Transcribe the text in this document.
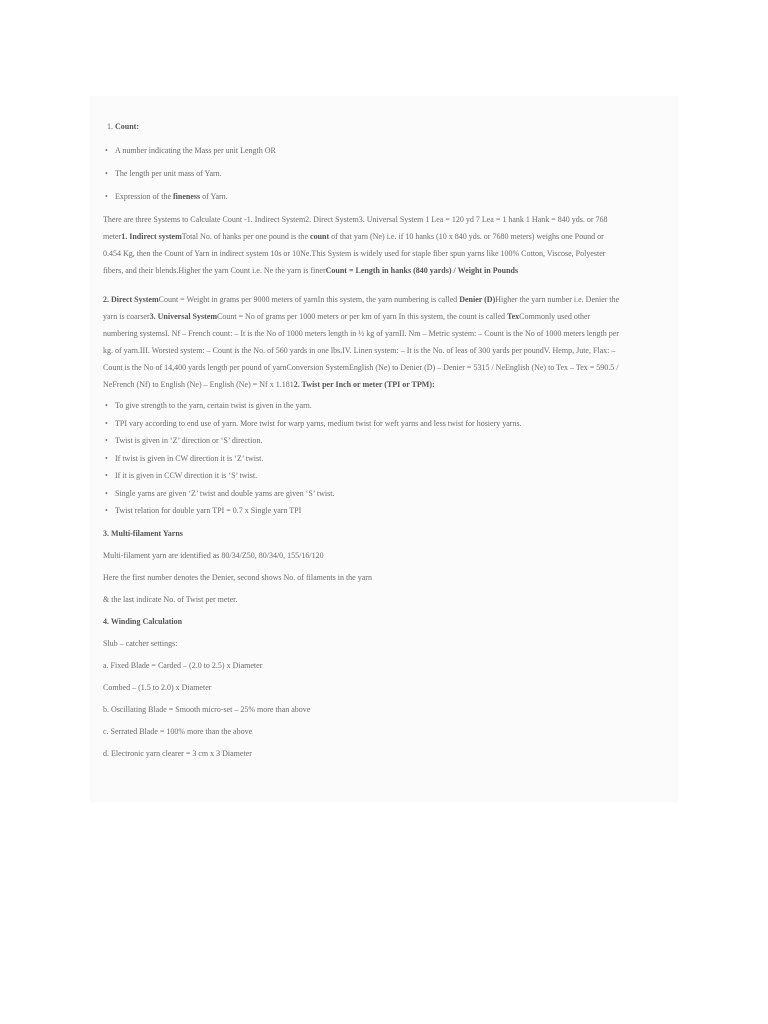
1. Count:
• A number indicating the Mass per unit Length OR
• The length per unit mass of Yarn.
• Expression of the fineness of Yarn.

There are three Systems to Calculate Count -1. Indirect System2. Direct System3. Universal System 1 Lea = 120 yd 7 Lea = 1 hank 1 Hank = 840 yds. or 768 meter1. Indirect systemTotal No. of hanks per one pound is the count of that yarn (Ne) i.e. if 10 hanks (10 x 840 yds. or 7680 meters) weighs one Pound or 0.454 Kg, then the Count of Yarn in indirect system 10s or 10Ne.This System is widely used for staple fiber spun yarns like 100% Cotton, Viscose, Polyester fibers, and their blends.Higher the yarn Count i.e. Ne the yarn is finerCount = Length in hanks (840 yards) / Weight in Pounds

2. Direct SystemCount = Weight in grams per 9000 meters of yarnIn this system, the yarn numbering is called Denier (D)Higher the yarn number i.e. Denier the yarn is coarser3. Universal SystemCount = No of grams per 1000 meters or per km of yarn In this system, the count is called TexCommonly used other numbering systemsI. Nf – French count: – It is the No of 1000 meters length in ½ kg of yarnII. Nm – Metric system: – Count is the No of 1000 meters length per kg. of yarn.III. Worsted system: – Count is the No. of 560 yards in one lbs.IV. Linen system: – It is the No. of leas of 300 yards per poundV. Hemp, Jute, Flax: – Count is the No of 14,400 yards length per pound of yarnConversion SystemEnglish (Ne) to Denier (D) – Denier = 5315 / NeEnglish (Ne) to Tex – Tex = 590.5 / NeFrench (Nf) to English (Ne) – English (Ne) = Nf x 1.1812. Twist per Inch or meter (TPI or TPM):

• To give strength to the yarn, certain twist is given in the yarn.
• TPI vary according to end use of yarn. More twist for warp yarns, medium twist for weft yarns and less twist for hosiery yarns.
• Twist is given in ‘Z’ direction or ‘S’ direction.
• If twist is given in CW direction it is ‘Z’ twist.
• If it is given in CCW direction it is ‘S’ twist.
• Single yarns are given ‘Z’ twist and double yarns are given ‘S’ twist.
• Twist relation for double yarn TPI = 0.7 x Single yarn TPI

3. Multi-filament Yarns

Multi-filament yarn are identified as 80/34/Z50, 80/34/0, 155/16/120

Here the first number denotes the Denier, second shows No. of filaments in the yarn

& the last indicate No. of Twist per meter.

4. Winding Calculation

Slub – catcher settings:

a. Fixed Blade = Carded – (2.0 to 2.5) x Diameter

Combed – (1.5 to 2.0) x Diameter

b. Oscillating Blade = Smooth micro-set – 25% more than above

c. Serrated Blade = 100% more than the above

d. Electronic yarn clearer = 3 cm x 3 Diameter
